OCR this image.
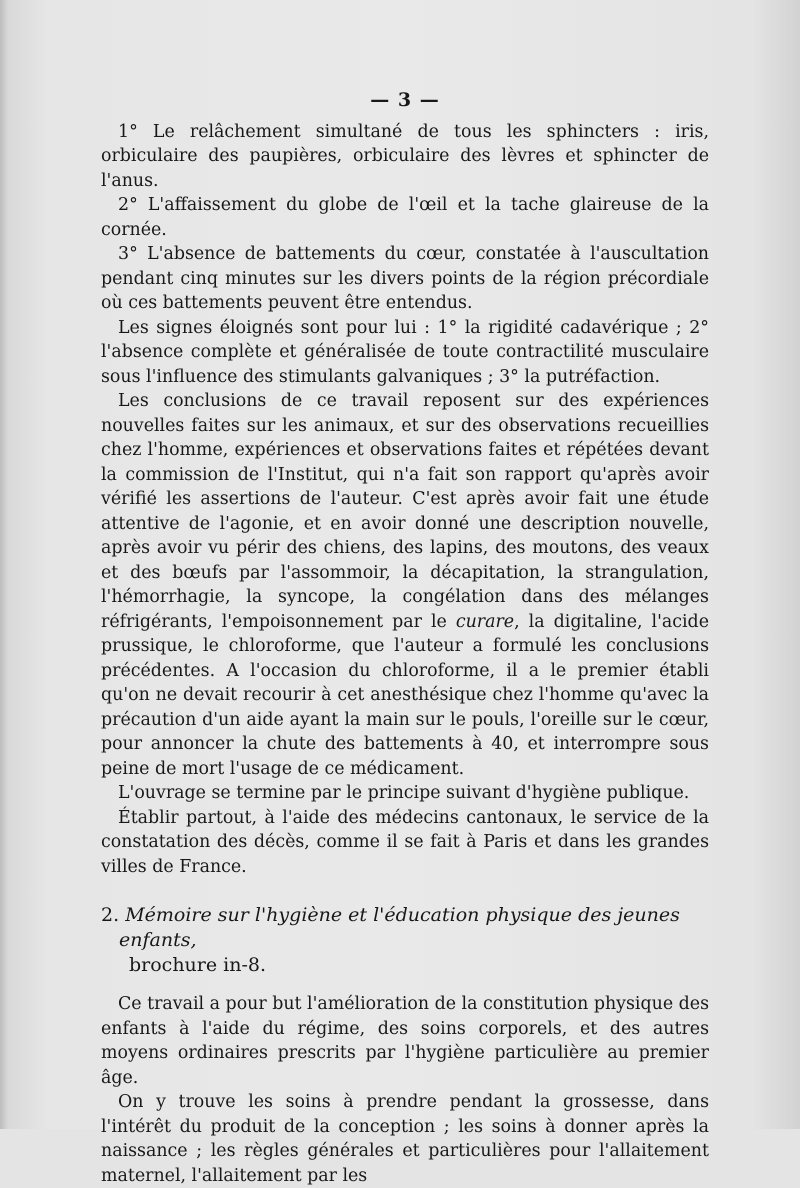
— 3 —

1° Le relâchement simultané de tous les sphincters : iris, orbiculaire des paupières, orbiculaire des lèvres et sphincter de l'anus.

2° L'affaissement du globe de l'œil et la tache glaireuse de la cornée.

3° L'absence de battements du cœur, constatée à l'auscultation pendant cinq minutes sur les divers points de la région précordiale où ces battements peuvent être entendus.

Les signes éloignés sont pour lui : 1° la rigidité cadavérique ; 2° l'absence complète et généralisée de toute contractilité musculaire sous l'influence des stimulants galvaniques ; 3° la putréfaction.

Les conclusions de ce travail reposent sur des expériences nouvelles faites sur les animaux, et sur des observations recueillies chez l'homme, expériences et observations faites et répétées devant la commission de l'Institut, qui n'a fait son rapport qu'après avoir vérifié les assertions de l'auteur. C'est après avoir fait une étude attentive de l'agonie, et en avoir donné une description nouvelle, après avoir vu périr des chiens, des lapins, des moutons, des veaux et des bœufs par l'assommoir, la décapitation, la strangulation, l'hémorrhagie, la syncope, la congélation dans des mélanges réfrigérants, l'empoisonnement par le curare, la digitaline, l'acide prussique, le chloroforme, que l'auteur a formulé les conclusions précédentes. A l'occasion du chloroforme, il a le premier établi qu'on ne devait recourir à cet anesthésique chez l'homme qu'avec la précaution d'un aide ayant la main sur le pouls, l'oreille sur le cœur, pour annoncer la chute des battements à 40, et interrompre sous peine de mort l'usage de ce médicament.

L'ouvrage se termine par le principe suivant d'hygiène publique.

Établir partout, à l'aide des médecins cantonaux, le service de la constatation des décès, comme il se fait à Paris et dans les grandes villes de France.

2. Mémoire sur l'hygiène et l'éducation physique des jeunes enfants,
brochure in-8.

Ce travail a pour but l'amélioration de la constitution physique des enfants à l'aide du régime, des soins corporels, et des autres moyens ordinaires prescrits par l'hygiène particulière au premier âge.

On y trouve les soins à prendre pendant la grossesse, dans l'intérêt du produit de la conception ; les soins à donner après la naissance ; les règles générales et particulières pour l'allaitement maternel, l'allaitement par les
